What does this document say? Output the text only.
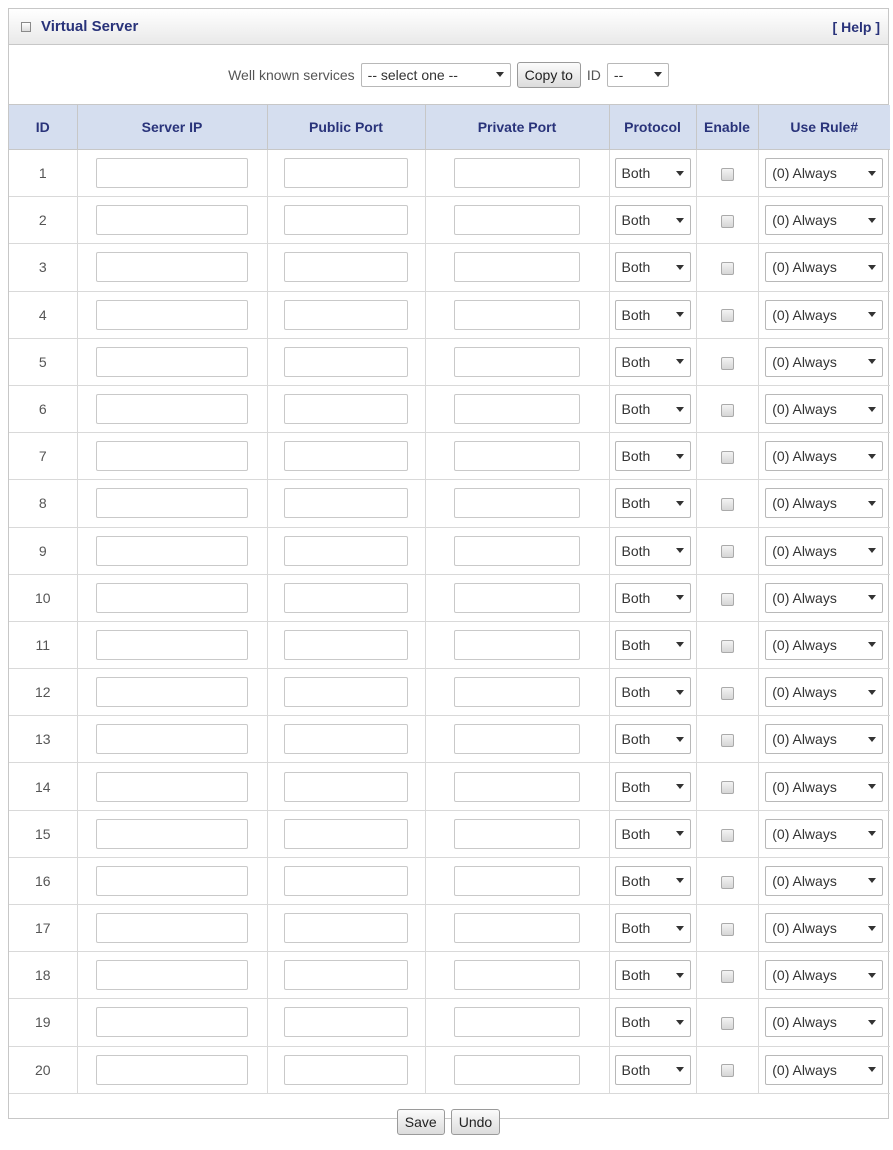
Virtual Server	[ Help ]
Well known services -- select one --	Copy to	ID --
ID	Server IP	Public Port	Private Port	Protocol	Enable	Use Rule#
1				Both		(0) Always

2				Both		(0) Always

3				Both		(0) Always

4				Both		(0) Always

5				Both		(0) Always

6				Both		(0) Always

7				Both		(0) Always

8				Both		(0) Always

9				Both		(0) Always

10				Both		(0) Always

11				Both		(0) Always

12				Both		(0) Always

13				Both		(0) Always

14				Both		(0) Always

15				Both		(0) Always

16				Both		(0) Always

17				Both		(0) Always

18				Both		(0) Always

19				Both		(0) Always

20				Both		(0) Always
Save	Undo
